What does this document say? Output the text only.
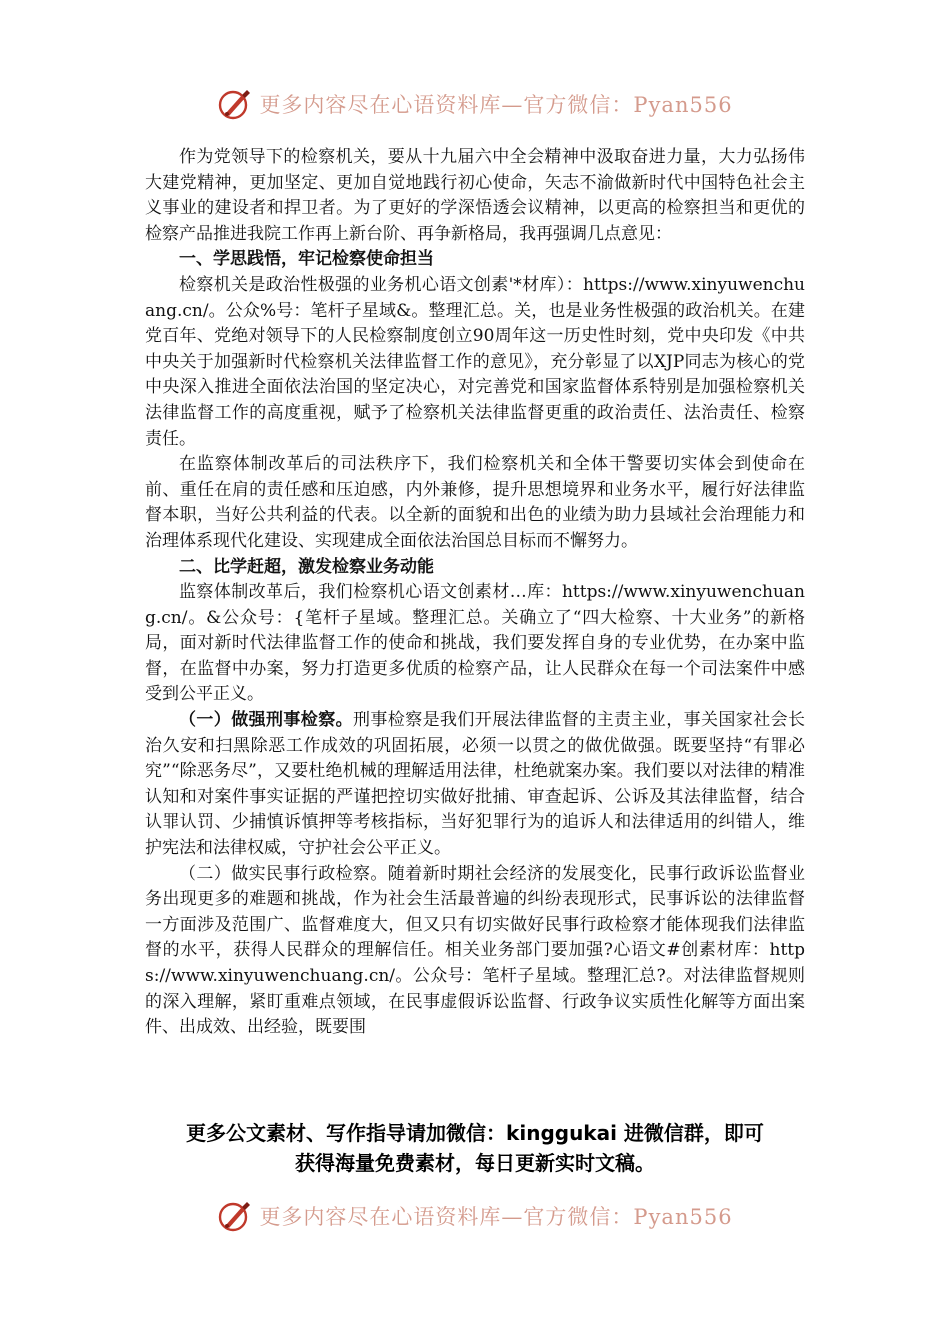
更多内容尽在心语资料库—官方微信：Pyan556

作为党领导下的检察机关，要从十九届六中全会精神中汲取奋进力量，大力弘扬伟大建党精神，更加坚定、更加自觉地践行初心使命，矢志不渝做新时代中国特色社会主义事业的建设者和捍卫者。为了更好的学深悟透会议精神，以更高的检察担当和更优的检察产品推进我院工作再上新台阶、再争新格局，我再强调几点意见：

一、学思践悟，牢记检察使命担当

检察机关是政治性极强的业务机心语文创素'*材库）：https://www.xinyuwenchuang.cn/。公众%号：笔杆子星域&。整理汇总。关，也是业务性极强的政治机关。在建党百年、党绝对领导下的人民检察制度创立90周年这一历史性时刻，党中央印发《中共中央关于加强新时代检察机关法律监督工作的意见》，充分彰显了以XJP同志为核心的党中央深入推进全面依法治国的坚定决心，对完善党和国家监督体系特别是加强检察机关法律监督工作的高度重视，赋予了检察机关法律监督更重的政治责任、法治责任、检察责任。

在监察体制改革后的司法秩序下，我们检察机关和全体干警要切实体会到使命在前、重任在肩的责任感和压迫感，内外兼修，提升思想境界和业务水平，履行好法律监督本职，当好公共利益的代表。以全新的面貌和出色的业绩为助力县域社会治理能力和治理体系现代化建设、实现建成全面依法治国总目标而不懈努力。

二、比学赶超，激发检察业务动能

监察体制改革后，我们检察机心语文创素材…库：https://www.xinyuwenchuang.cn/。&公众号：{笔杆子星域。整理汇总。关确立了“四大检察、十大业务”的新格局，面对新时代法律监督工作的使命和挑战，我们要发挥自身的专业优势，在办案中监督，在监督中办案，努力打造更多优质的检察产品，让人民群众在每一个司法案件中感受到公平正义。

（一）做强刑事检察。刑事检察是我们开展法律监督的主责主业，事关国家社会长治久安和扫黑除恶工作成效的巩固拓展，必须一以贯之的做优做强。既要坚持“有罪必究”“除恶务尽”，又要杜绝机械的理解适用法律，杜绝就案办案。我们要以对法律的精准认知和对案件事实证据的严谨把控切实做好批捕、审查起诉、公诉及其法律监督，结合认罪认罚、少捕慎诉慎押等考核指标，当好犯罪行为的追诉人和法律适用的纠错人，维护宪法和法律权威，守护社会公平正义。

（二）做实民事行政检察。随着新时期社会经济的发展变化，民事行政诉讼监督业务出现更多的难题和挑战，作为社会生活最普遍的纠纷表现形式，民事诉讼的法律监督一方面涉及范围广、监督难度大，但又只有切实做好民事行政检察才能体现我们法律监督的水平，获得人民群众的理解信任。相关业务部门要加强?心语文#创素材库：https://www.xinyuwenchuang.cn/。公众号：笔杆子星域。整理汇总?。对法律监督规则的深入理解，紧盯重难点领域，在民事虚假诉讼监督、行政争议实质性化解等方面出案件、出成效、出经验，既要围

更多公文素材、写作指导请加微信：kinggukai 进微信群，即可
获得海量免费素材，每日更新实时文稿。
更多内容尽在心语资料库—官方微信：Pyan556
